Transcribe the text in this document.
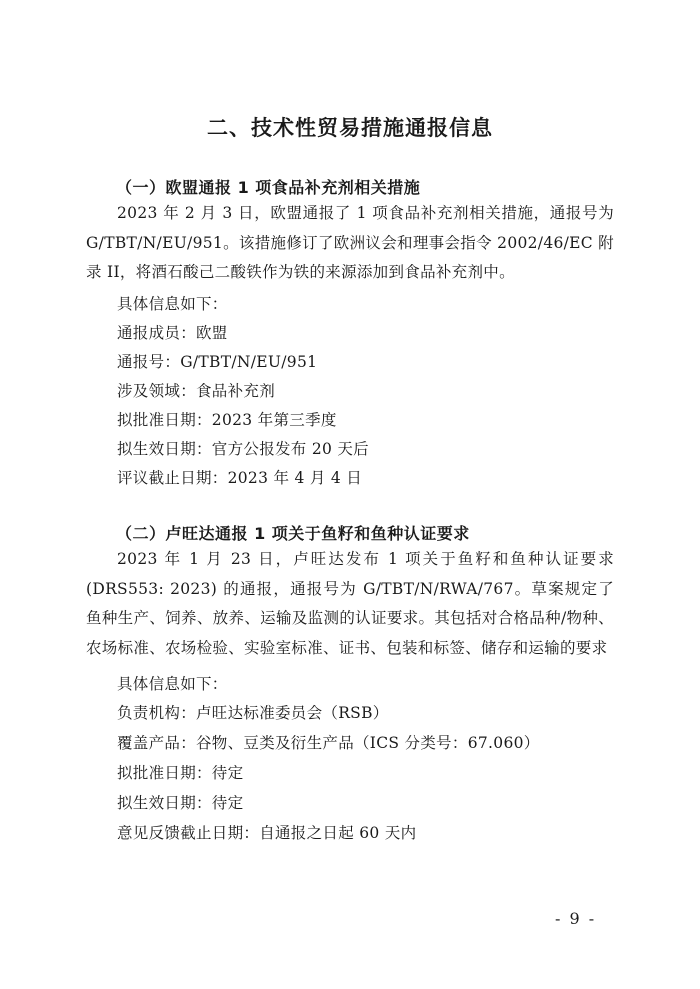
二、技术性贸易措施通报信息
（一）欧盟通报 1 项食品补充剂相关措施
2023 年 2 月 3 日，欧盟通报了 1 项食品补充剂相关措施，通报号为 G/TBT/N/EU/951。该措施修订了欧洲议会和理事会指令 2002/46/EC 附录 II，将酒石酸己二酸铁作为铁的来源添加到食品补充剂中。
具体信息如下：
通报成员：欧盟
通报号：G/TBT/N/EU/951
涉及领域：食品补充剂
拟批准日期：2023 年第三季度
拟生效日期：官方公报发布 20 天后
评议截止日期：2023 年 4 月 4 日
（二）卢旺达通报 1 项关于鱼籽和鱼种认证要求
2023 年 1 月 23 日，卢旺达发布 1 项关于鱼籽和鱼种认证要求 (DRS553: 2023) 的通报，通报号为 G/TBT/N/RWA/767。草案规定了鱼种生产、饲养、放养、运输及监测的认证要求。其包括对合格品种/物种、农场标准、农场检验、实验室标准、证书、包装和标签、储存和运输的要求
具体信息如下：
负责机构：卢旺达标准委员会（RSB）
覆盖产品：谷物、豆类及衍生产品（ICS 分类号：67.060）
拟批准日期：待定
拟生效日期：待定
意见反馈截止日期：自通报之日起 60 天内
- 9 -
